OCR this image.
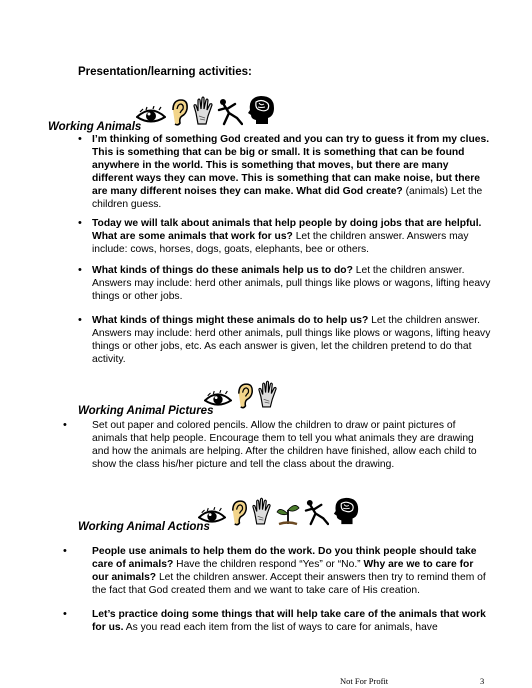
Presentation/learning activities:
Working Animals
• I’m thinking of something God created and you can try to guess it from my clues. This is something that can be big or small. It is something that can be found anywhere in the world. This is something that moves, but there are many different ways they can move. This is something that can make noise, but there are many different noises they can make. What did God create? (animals) Let the children guess.
• Today we will talk about animals that help people by doing jobs that are helpful. What are some animals that work for us? Let the children answer. Answers may include: cows, horses, dogs, goats, elephants, bee or others.
• What kinds of things do these animals help us to do? Let the children answer. Answers may include: herd other animals, pull things like plows or wagons, lifting heavy things or other jobs.
• What kinds of things might these animals do to help us? Let the children answer. Answers may include: herd other animals, pull things like plows or wagons, lifting heavy things or other jobs, etc. As each answer is given, let the children pretend to do that activity.
Working Animal Pictures
•	Set out paper and colored pencils. Allow the children to draw or paint pictures of animals that help people. Encourage them to tell you what animals they are drawing and how the animals are helping. After the children have finished, allow each child to show the class his/her picture and tell the class about the drawing.
Working Animal Actions
•	People use animals to help them do the work. Do you think people should take care of animals? Have the children respond “Yes” or “No.” Why are we to care for our animals? Let the children answer. Accept their answers then try to remind them of the fact that God created them and we want to take care of His creation.
•	Let’s practice doing some things that will help take care of the animals that work for us. As you read each item from the list of ways to care for animals, have
Not For Profit	3
